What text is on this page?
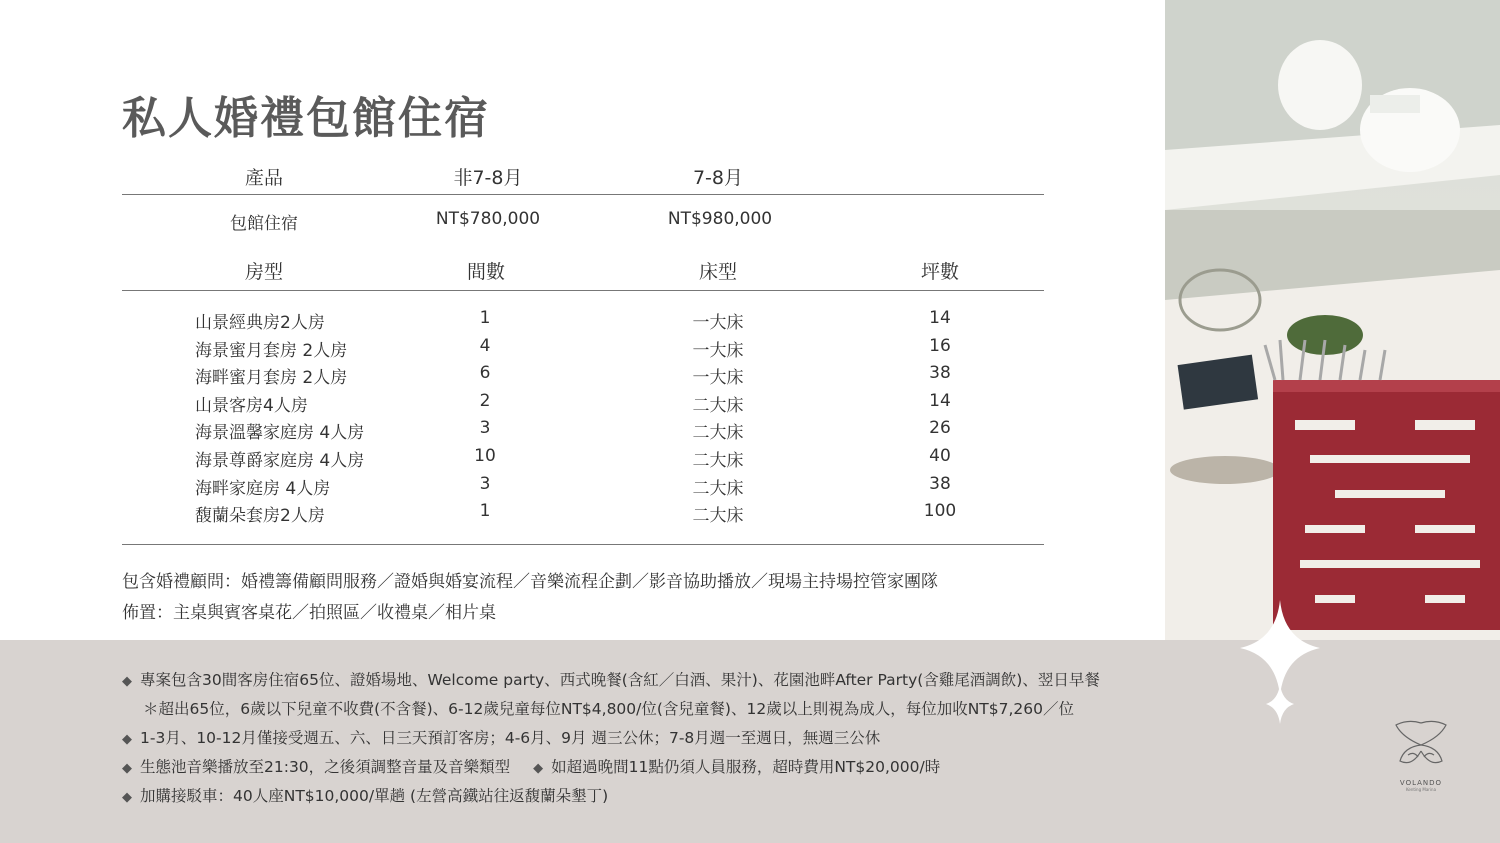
私人婚禮包館住宿
產品	非7-8月	7-8月
包館住宿	NT$780,000	NT$980,000
房型	間數	床型	坪數
山景經典房2人房	1	一大床	14
海景蜜月套房 2人房	4	一大床	16
海畔蜜月套房 2人房	6	一大床	38
山景客房4人房	2	二大床	14
海景溫馨家庭房 4人房	3	二大床	26
海景尊爵家庭房 4人房	10	二大床	40
海畔家庭房 4人房	3	二大床	38
馥蘭朵套房2人房	1	二大床	100
包含婚禮顧問：婚禮籌備顧問服務／證婚與婚宴流程／音樂流程企劃／影音協助播放／現場主持場控管家團隊
佈置：主桌與賓客桌花／拍照區／收禮桌／相片桌
◆ 專案包含30間客房住宿65位、證婚場地、Welcome party、西式晚餐(含紅／白酒、果汁)、花園池畔After Party(含雞尾酒調飲)、翌日早餐
＊超出65位，6歲以下兒童不收費(不含餐)、6-12歲兒童每位NT$4,800/位(含兒童餐)、12歲以上則視為成人，每位加收NT$7,260／位
◆ 1-3月、10-12月僅接受週五、六、日三天預訂客房；4-6月、9月 週三公休；7-8月週一至週日，無週三公休
◆ 生態池音樂播放至21:30，之後須調整音量及音樂類型 ◆ 如超過晚間11點仍須人員服務，超時費用NT$20,000/時
◆ 加購接駁車：40人座NT$10,000/單趟 (左營高鐵站往返馥蘭朵墾丁)
VOLANDO
Kenting Marina
